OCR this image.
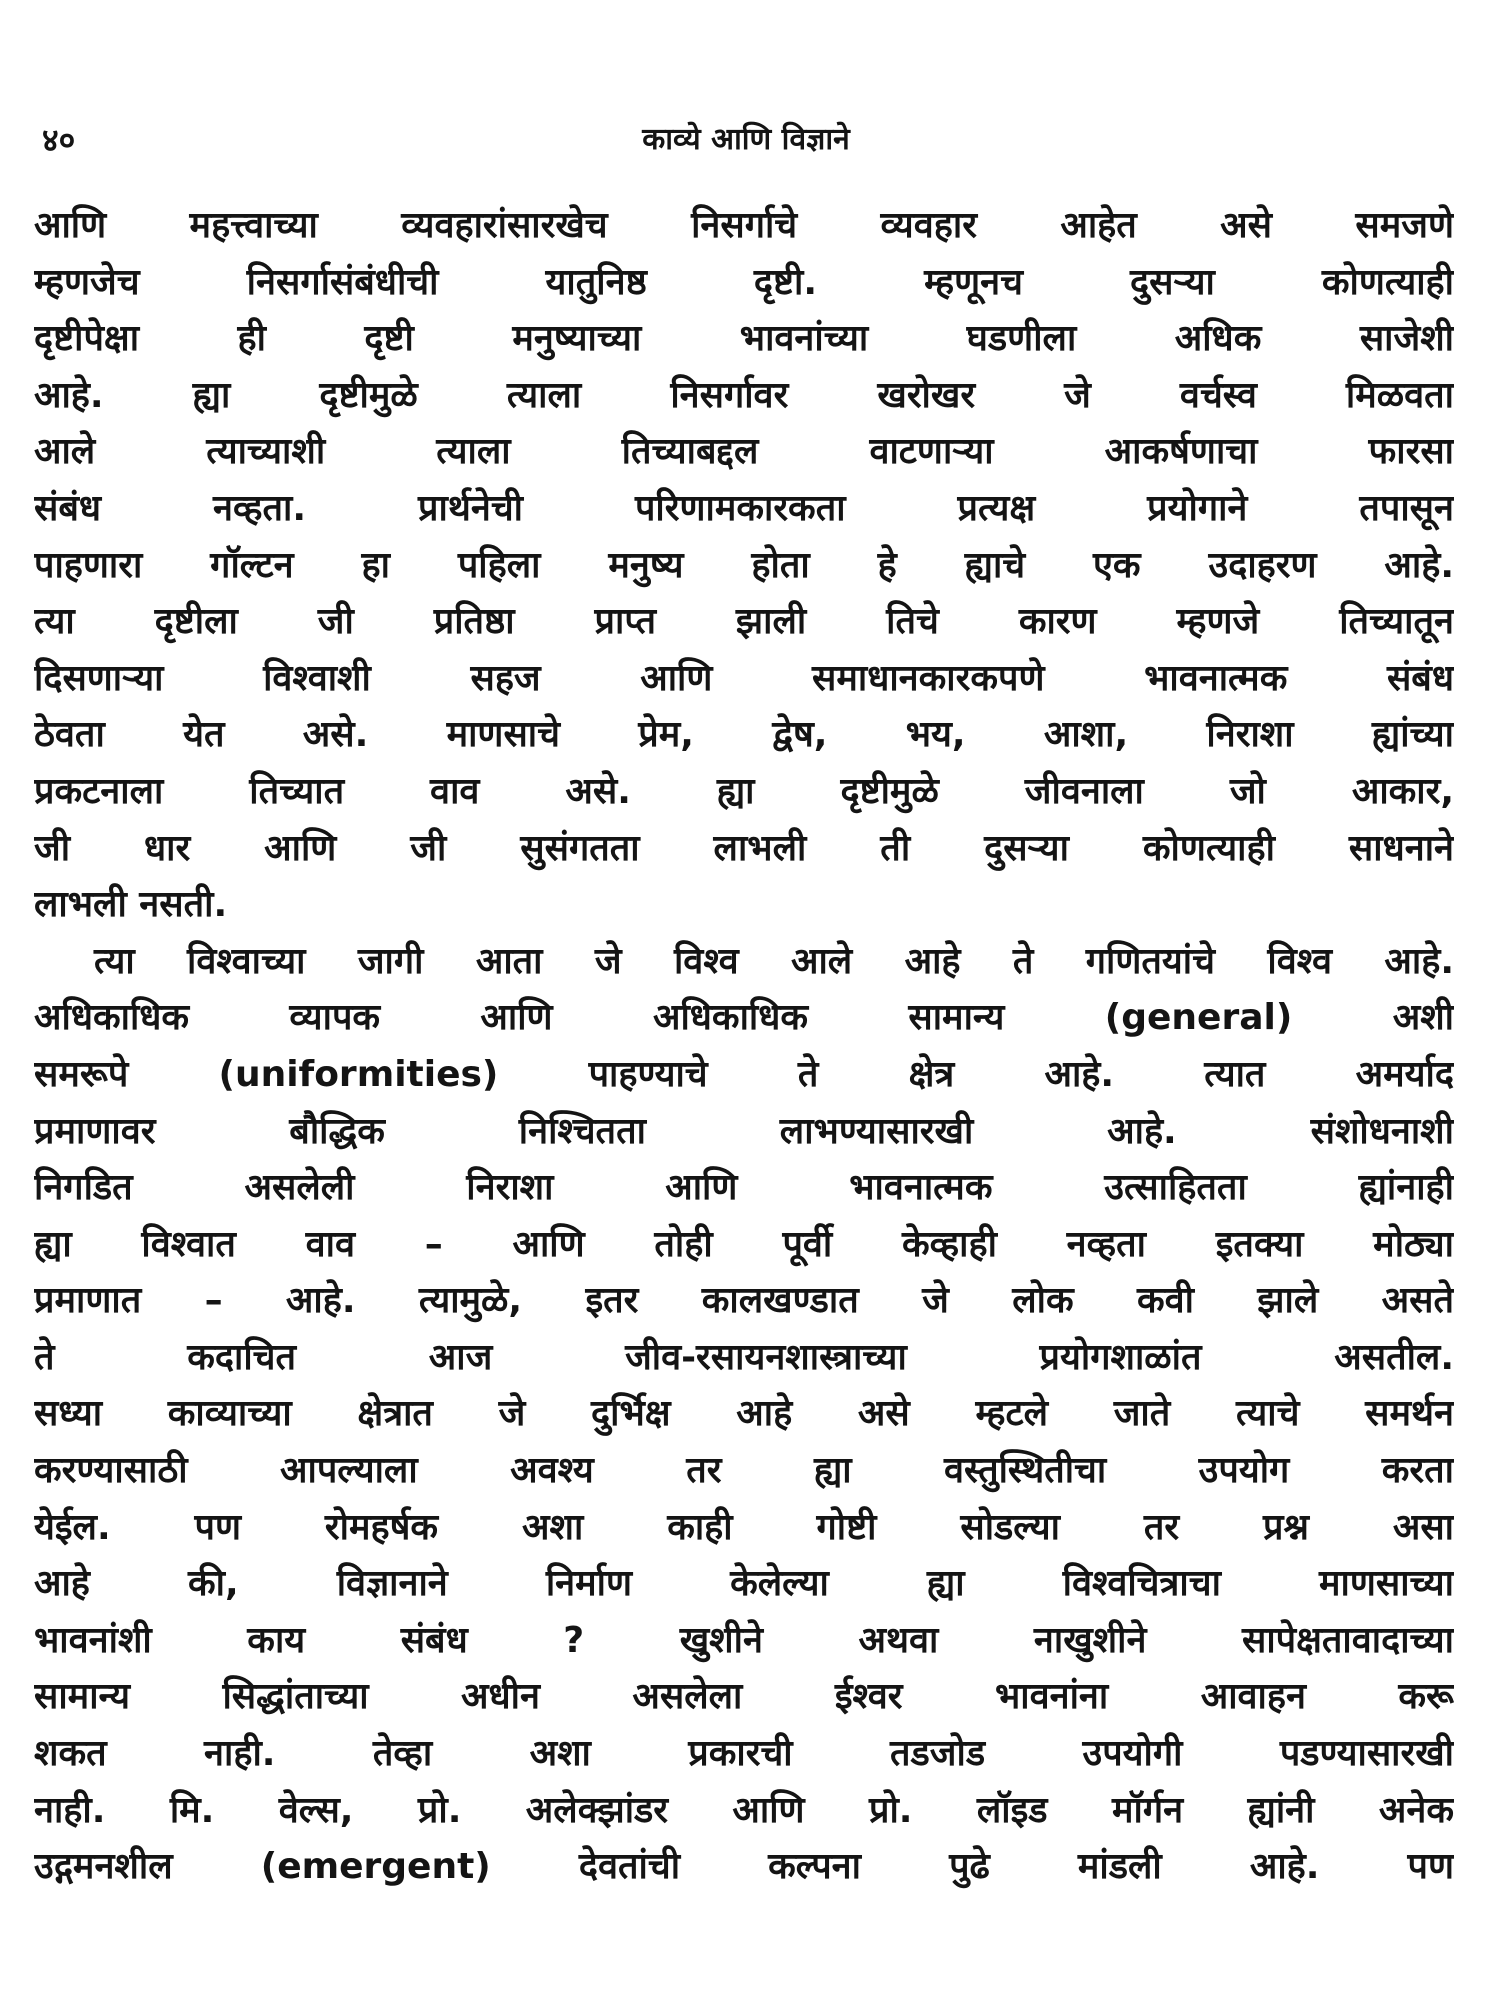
४०	काव्ये आणि विज्ञाने
आणि महत्त्वाच्या व्यवहारांसारखेच निसर्गाचे व्यवहार आहेत असे समजणे
म्हणजेच निसर्गासंबंधीची यातुनिष्ठ दृष्टी. म्हणूनच दुसऱ्या कोणत्याही
दृष्टीपेक्षा ही दृष्टी मनुष्याच्या भावनांच्या घडणीला अधिक साजेशी
आहे. ह्या दृष्टीमुळे त्याला निसर्गावर खरोखर जे वर्चस्व मिळवता
आले त्याच्याशी त्याला तिच्याबद्दल वाटणाऱ्या आकर्षणाचा फारसा
संबंध नव्हता. प्रार्थनेची परिणामकारकता प्रत्यक्ष प्रयोगाने तपासून
पाहणारा गॉल्टन हा पहिला मनुष्य होता हे ह्याचे एक उदाहरण आहे.
त्या दृष्टीला जी प्रतिष्ठा प्राप्त झाली तिचे कारण म्हणजे तिच्यातून
दिसणाऱ्या विश्वाशी सहज आणि समाधानकारकपणे भावनात्मक संबंध
ठेवता येत असे. माणसाचे प्रेम, द्वेष, भय, आशा, निराशा ह्यांच्या
प्रकटनाला तिच्यात वाव असे. ह्या दृष्टीमुळे जीवनाला जो आकार,
जी धार आणि जी सुसंगतता लाभली ती दुसऱ्या कोणत्याही साधनाने
लाभली नसती.
त्या विश्वाच्या जागी आता जे विश्व आले आहे ते गणितयांचे विश्व आहे.
अधिकाधिक व्यापक आणि अधिकाधिक सामान्य (general) अशी
समरूपे (uniformities) पाहण्याचे ते क्षेत्र आहे. त्यात अमर्याद
प्रमाणावर बौद्धिक निश्चितता लाभण्यासारखी आहे. संशोधनाशी
निगडित असलेली निराशा आणि भावनात्मक उत्साहितता ह्यांनाही
ह्या विश्वात वाव – आणि तोही पूर्वी केव्हाही नव्हता इतक्या मोठ्या
प्रमाणात – आहे. त्यामुळे, इतर कालखण्डात जे लोक कवी झाले असते
ते कदाचित आज जीव-रसायनशास्त्राच्या प्रयोगशाळांत असतील.
सध्या काव्याच्या क्षेत्रात जे दुर्भिक्ष आहे असे म्हटले जाते त्याचे समर्थन
करण्यासाठी आपल्याला अवश्य तर ह्या वस्तुस्थितीचा उपयोग करता
येईल. पण रोमहर्षक अशा काही गोष्टी सोडल्या तर प्रश्न असा
आहे की, विज्ञानाने निर्माण केलेल्या ह्या विश्वचित्राचा माणसाच्या
भावनांशी काय संबंध ? खुशीने अथवा नाखुशीने सापेक्षतावादाच्या
सामान्य सिद्धांताच्या अधीन असलेला ईश्वर भावनांना आवाहन करू
शकत नाही. तेव्हा अशा प्रकारची तडजोड उपयोगी पडण्यासारखी
नाही. मि. वेल्स, प्रो. अलेक्झांडर आणि प्रो. लॉइड मॉर्गन ह्यांनी अनेक
उद्गमनशील (emergent) देवतांची कल्पना पुढे मांडली आहे. पण
